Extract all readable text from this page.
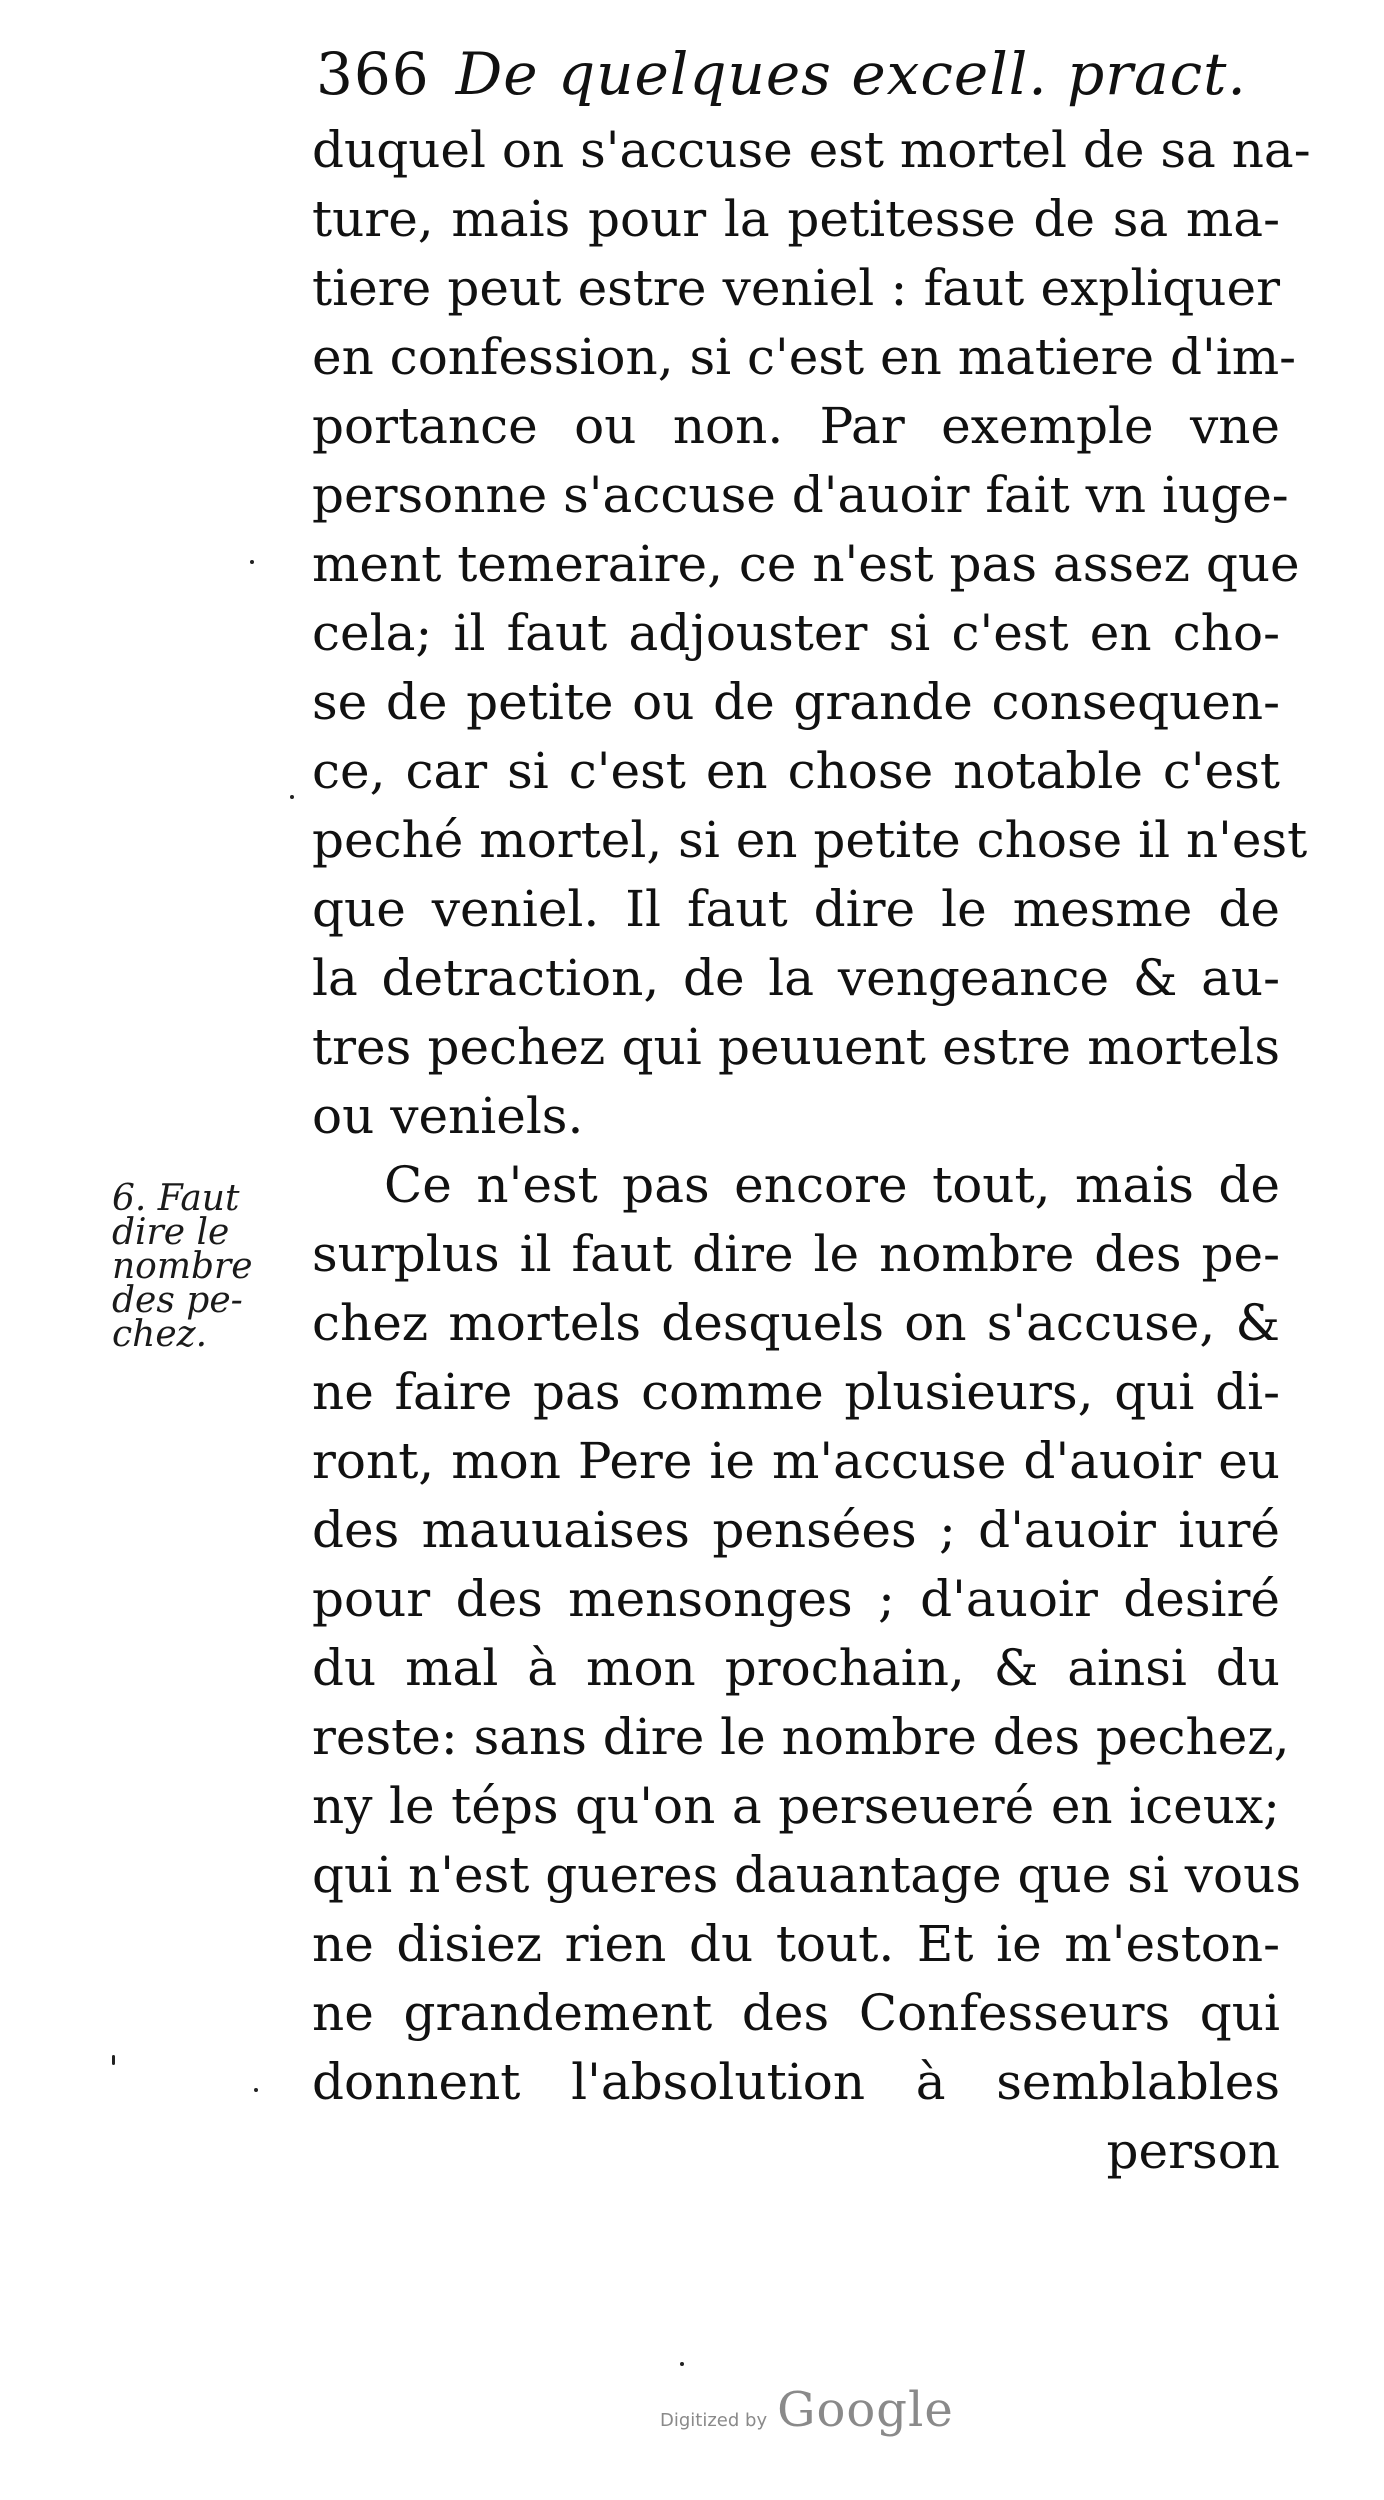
366 De quelques excell. pract.
duquel on s'accuse est mortel de sa na-
ture, mais pour la petitesse de sa ma-
tiere peut estre veniel : faut expliquer
en confession, si c'est en matiere d'im-
portance ou non. Par exemple vne
personne s'accuse d'auoir fait vn iuge-
ment temeraire, ce n'est pas assez que
cela; il faut adjouster si c'est en cho-
se de petite ou de grande consequen-
ce, car si c'est en chose notable c'est
peché mortel, si en petite chose il n'est
que veniel. Il faut dire le mesme de
la detraction, de la vengeance & au-
tres pechez qui peuuent estre mortels
ou veniels.
Ce n'est pas encore tout, mais de
surplus il faut dire le nombre des pe-
chez mortels desquels on s'accuse, &
ne faire pas comme plusieurs, qui di-
ront, mon Pere ie m'accuse d'auoir eu
des mauuaises pensées ; d'auoir iuré
pour des mensonges ; d'auoir desiré
du mal à mon prochain, & ainsi du
reste: sans dire le nombre des pechez,
ny le téps qu'on a perseueré en iceux;
qui n'est gueres dauantage que si vous
ne disiez rien du tout. Et ie m'eston-
ne grandement des Confesseurs qui
donnent l'absolution à semblables
person
6. Faut
dire le
nombre
des pe-
chez.
Digitized by Google
